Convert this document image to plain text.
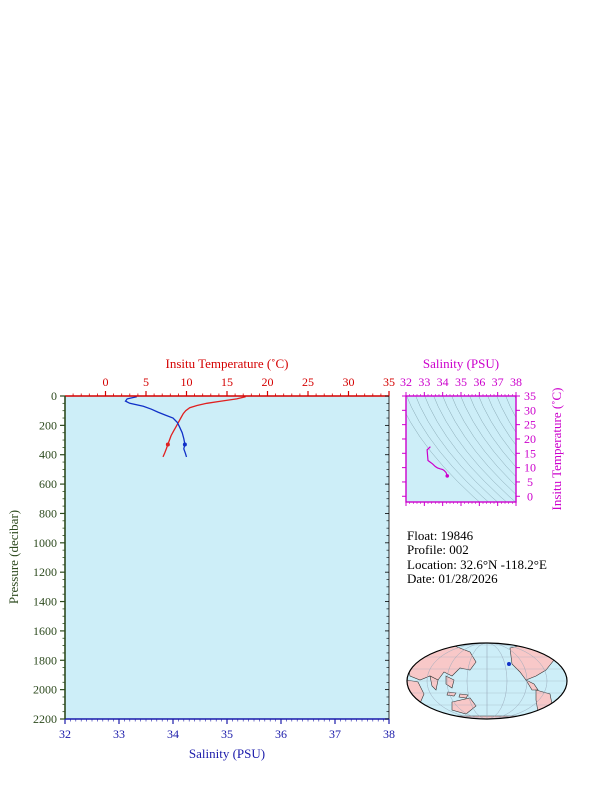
0
200
400
600
800
1000
1200
1400
1600
1800
2000
2200
0	5	10 15 20 25 30 35
32	33	34	35	36	37	38
Insitu Temperature (˚C)
Salinity (PSU)
Pressure (decibar)
32 33 34 35 36 37 38
0
5
10
15
20
25
30
35
Salinity (PSU)
Insitu Temperature (˚C)
Float: 19846
Profile: 002
Location: 32.6°N -118.2°E
Date: 01/28/2026
